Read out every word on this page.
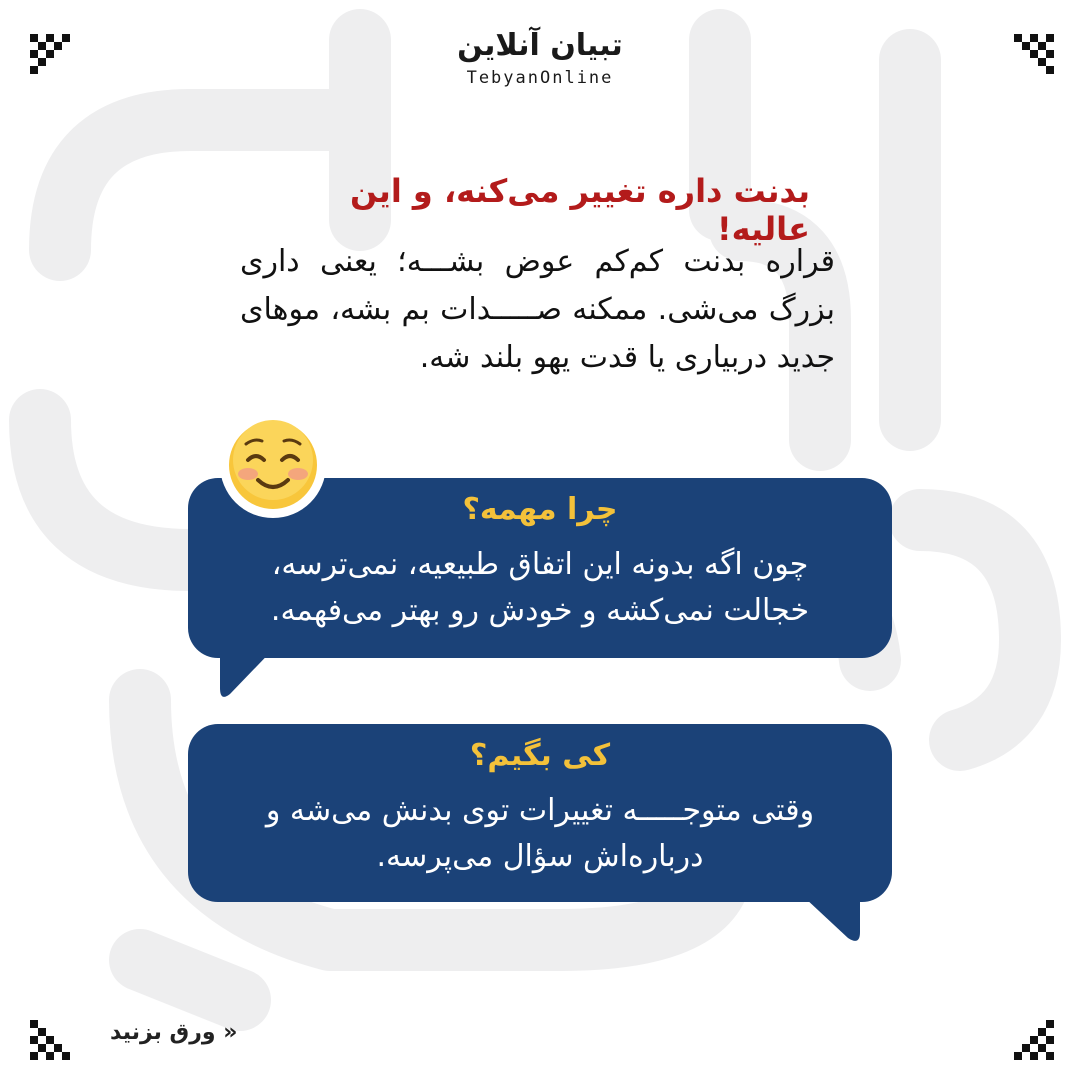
تبیان آنلاین
TebyanOnline
بدنت داره تغییر می‌کنه، و این عالیه!
قراره بدنت کم‌کم عوض بشـــه؛ یعنی داری بزرگ می‌شی. ممکنه صـــــدات بم بشه، موهای جدید دربیاری یا قدت یهو بلند شه.
چرا مهمه؟
چون اگه بدونه این اتفاق طبیعیه، نمی‌ترسه، خجالت نمی‌کشه و خودش رو بهتر می‌فهمه.
کی بگیم؟
وقتی متوجـــــه تغییرات توی بدنش می‌شه و درباره‌اش سؤال می‌پرسه.
« ورق بزنید
